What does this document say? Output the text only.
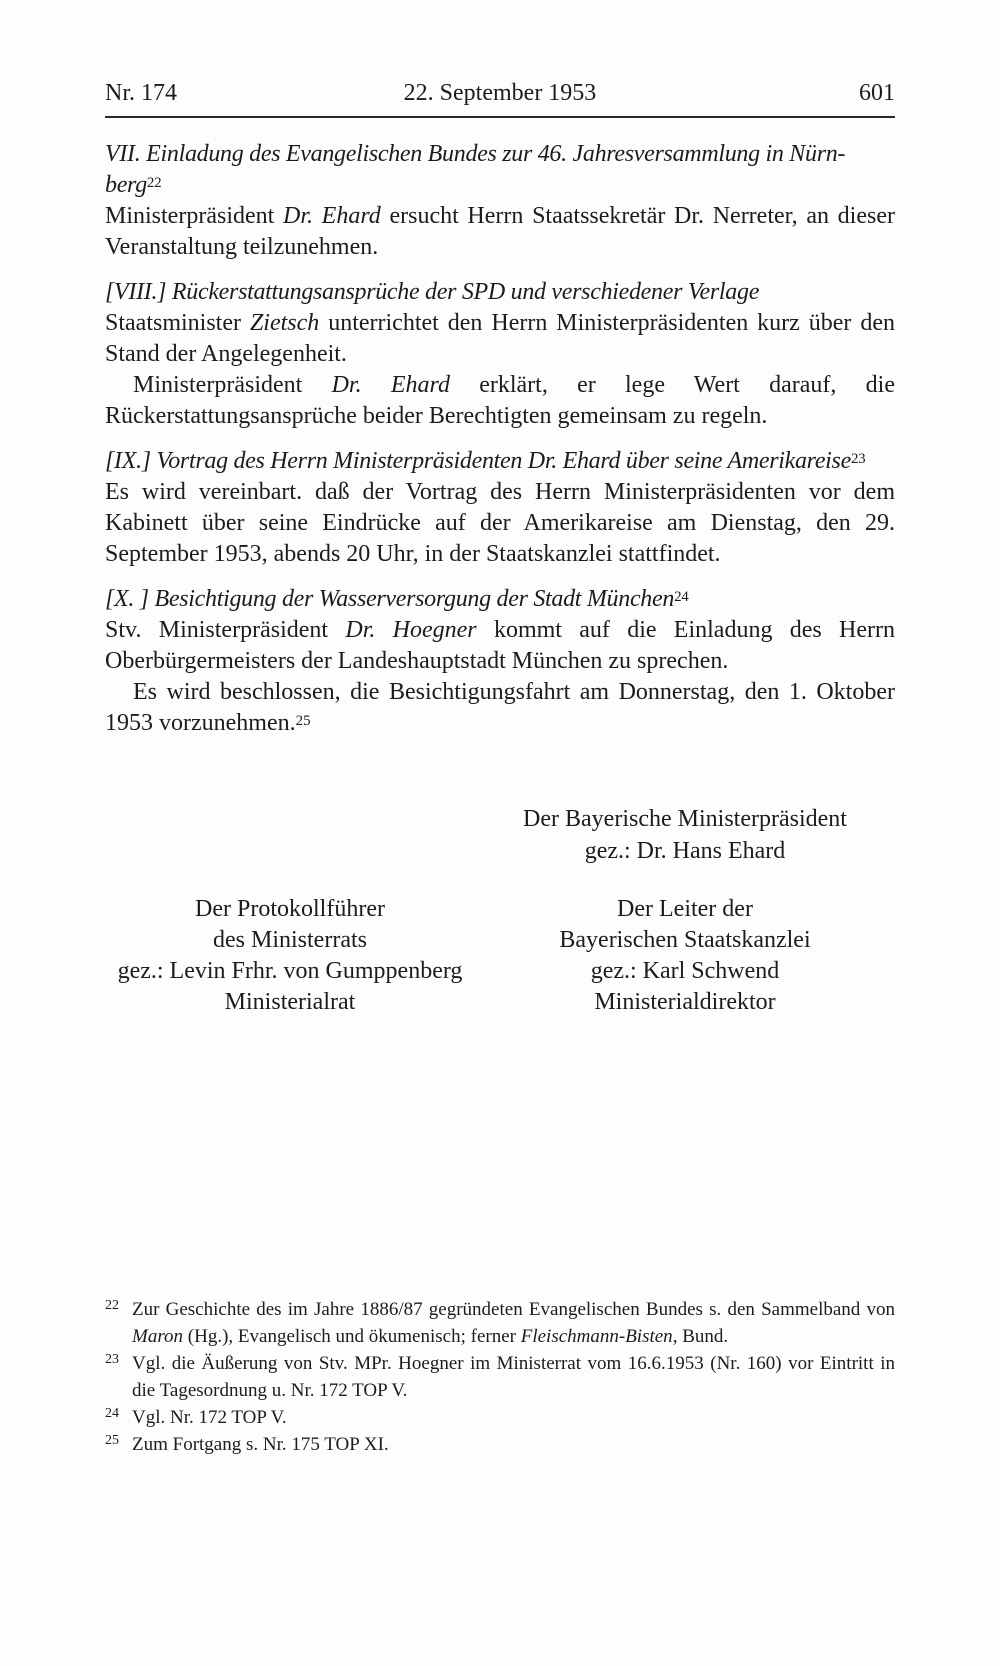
Nr. 174	22. September 1953	601
VII. Einladung des Evangelischen Bundes zur 46. Jahresversammlung in Nürn-
berg$^{22}$

Ministerpräsident Dr. Ehard ersucht Herrn Staatssekretär Dr. Nerreter, an dieser Veranstaltung teilzunehmen.

[VIII.] Rückerstattungsansprüche der SPD und verschiedener Verlage

Staatsminister Zietsch unterrichtet den Herrn Ministerpräsidenten kurz über den Stand der Angelegenheit.

Ministerpräsident Dr. Ehard erklärt, er lege Wert darauf, die Rückerstattungsansprüche beider Berechtigten gemeinsam zu regeln.

[IX.] Vortrag des Herrn Ministerpräsidenten Dr. Ehard über seine Amerikareise$^{23}$

Es wird vereinbart. daß der Vortrag des Herrn Ministerpräsidenten vor dem Kabinett über seine Eindrücke auf der Amerikareise am Dienstag, den 29. September 1953, abends 20 Uhr, in der Staatskanzlei stattfindet.

[X. ] Besichtigung der Wasserversorgung der Stadt München$^{24}$

Stv. Ministerpräsident Dr. Hoegner kommt auf die Einladung des Herrn Oberbürgermeisters der Landeshauptstadt München zu sprechen.

Es wird beschlossen, die Besichtigungsfahrt am Donnerstag, den 1. Oktober 1953 vorzunehmen.$^{25}$

Der Bayerische Ministerpräsident
gez.: Dr. Hans Ehard
Der Protokollführer
des Ministerrats
gez.: Levin Frhr. von Gumppenberg
Ministerialrat
Der Leiter der
Bayerischen Staatskanzlei
gez.: Karl Schwend
Ministerialdirektor
22 Zur Geschichte des im Jahre 1886/87 gegründeten Evangelischen Bundes s. den Sammelband von Maron (Hg.), Evangelisch und ökumenisch; ferner Fleischmann-Bisten, Bund.
23 Vgl. die Äußerung von Stv. MPr. Hoegner im Ministerrat vom 16.6.1953 (Nr. 160) vor Eintritt in die Tagesordnung u. Nr. 172 TOP V.
24 Vgl. Nr. 172 TOP V.
25 Zum Fortgang s. Nr. 175 TOP XI.
